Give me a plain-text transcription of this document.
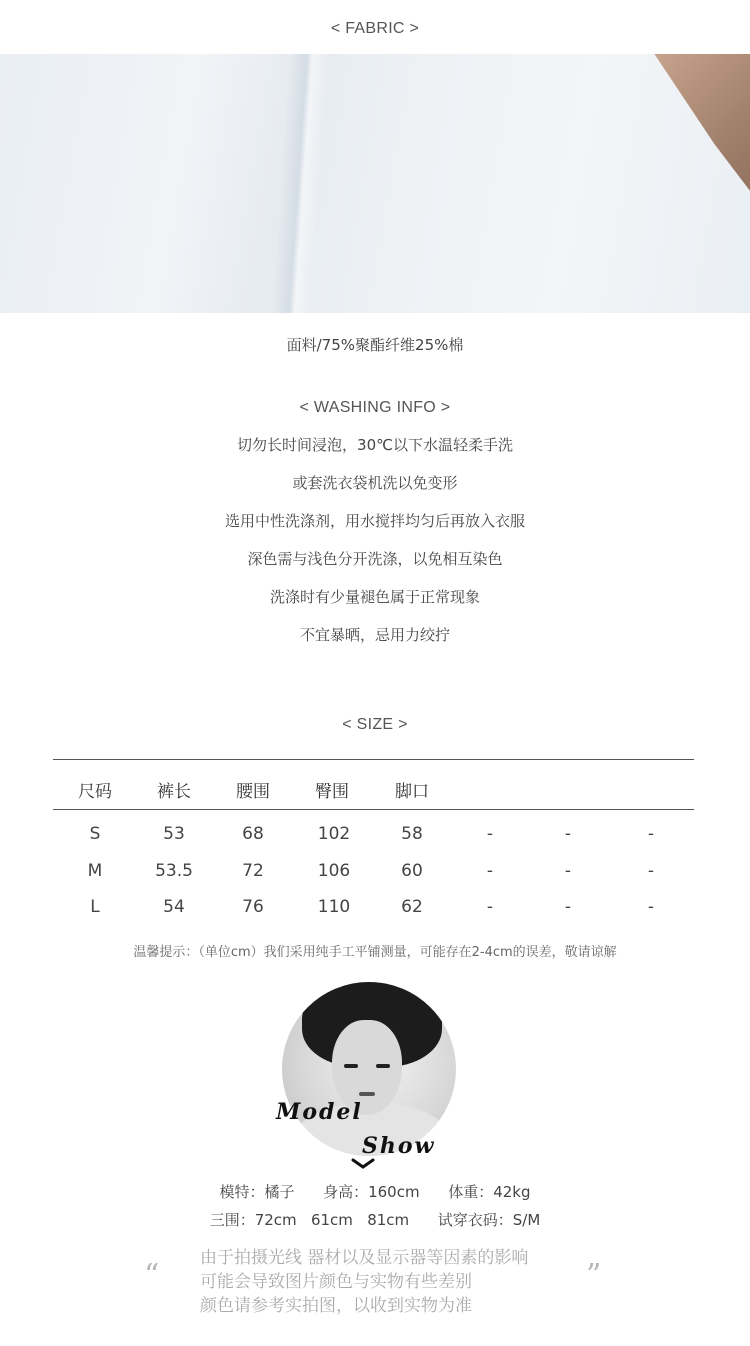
< FABRIC >
面料/75%聚酯纤维25%棉
< WASHING INFO >
切勿长时间浸泡，30℃以下水温轻柔手洗
或套洗衣袋机洗以免变形
选用中性洗涤剂，用水搅拌均匀后再放入衣服
深色需与浅色分开洗涤，以免相互染色
洗涤时有少量褪色属于正常现象
不宜暴晒，忌用力绞拧
< SIZE >
尺码	裤长	腰围	臀围	脚口
S	53	68	102	58	-	-	-
M	53.5	72	106	60	-	-	-
L	54	76	110	62	-	-	-
温馨提示：（单位cm）我们采用纯手工平铺测量，可能存在2-4cm的误差，敬请谅解
Model
Show
模特：橘子      身高：160cm      体重：42kg
三围：72cm   61cm   81cm      试穿衣码：S/M
“	”
由于拍摄光线 器材以及显示器等因素的影响
可能会导致图片颜色与实物有些差别
颜色请参考实拍图，以收到实物为准
